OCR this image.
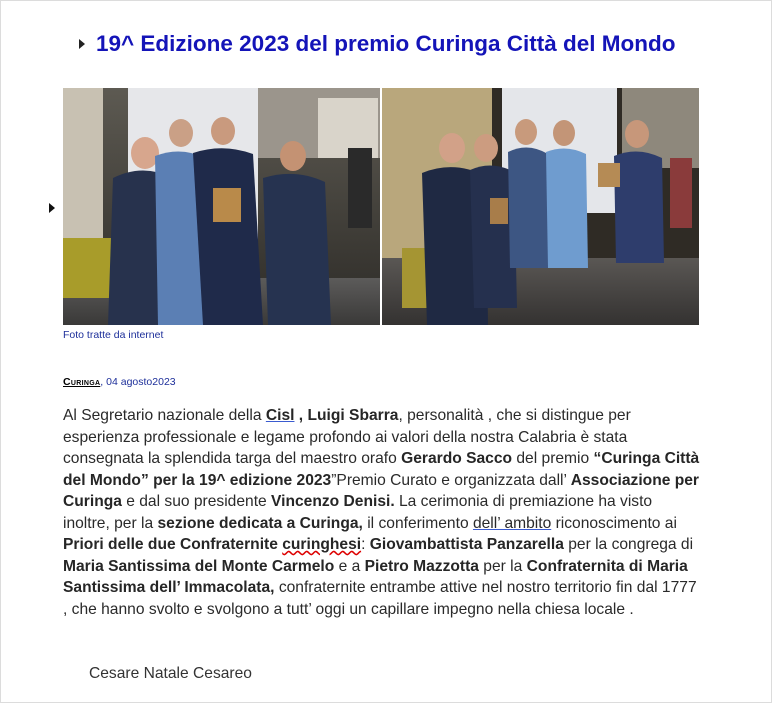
19^ Edizione 2023 del premio Curinga Città del Mondo
Foto tratte da internet
Curinga, 04 agosto2023
Al Segretario nazionale della Cisl , Luigi Sbarra, personalità , che si distingue per esperienza professionale e legame profondo ai valori della nostra Calabria è stata consegnata la splendida targa del maestro orafo Gerardo Sacco del premio “Curinga Città del Mondo” per la 19^ edizione 2023”Premio Curato e organizzata dall’ Associazione per Curinga e dal suo presidente Vincenzo Denisi. La cerimonia di premiazione ha visto inoltre, per la sezione dedicata a Curinga, il conferimento dell’ ambito riconoscimento ai Priori delle due Confraternite curinghesi: Giovambattista Panzarella per la congrega di Maria Santissima del Monte Carmelo e a Pietro Mazzotta per la Confraternita di Maria Santissima dell’ Immacolata, confraternite entrambe attive nel nostro territorio fin dal 1777 , che hanno svolto e svolgono a tutt’ oggi un capillare impegno nella chiesa locale .
Cesare Natale Cesareo
